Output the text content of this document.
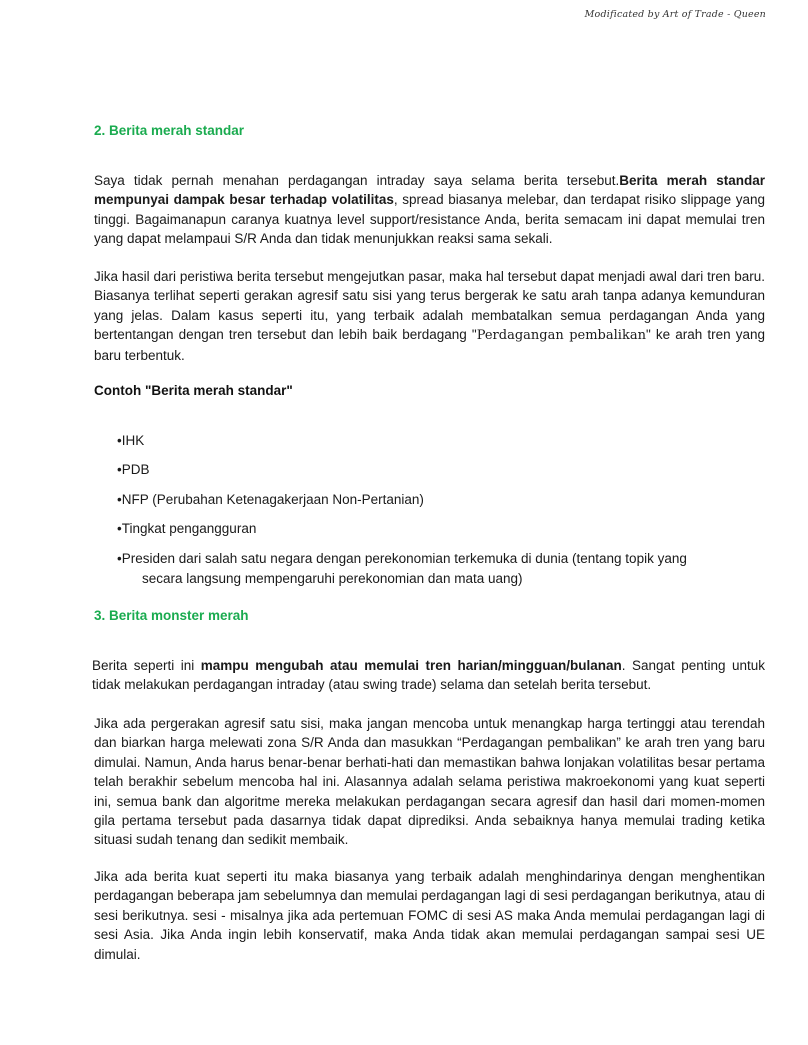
Modificated by Art of Trade - Queen
2. Berita merah standar

Saya tidak pernah menahan perdagangan intraday saya selama berita tersebut.Berita merah standar mempunyai dampak besar terhadap volatilitas, spread biasanya melebar, dan terdapat risiko slippage yang tinggi. Bagaimanapun caranya kuatnya level support/resistance Anda, berita semacam ini dapat memulai tren yang dapat melampaui S/R Anda dan tidak menunjukkan reaksi sama sekali.

Jika hasil dari peristiwa berita tersebut mengejutkan pasar, maka hal tersebut dapat menjadi awal dari tren baru. Biasanya terlihat seperti gerakan agresif satu sisi yang terus bergerak ke satu arah tanpa adanya kemunduran yang jelas. Dalam kasus seperti itu, yang terbaik adalah membatalkan semua perdagangan Anda yang bertentangan dengan tren tersebut dan lebih baik berdagang "Perdagangan pembalikan" ke arah tren yang baru terbentuk.

Contoh "Berita merah standar"
•IHK
•PDB
•NFP (Perubahan Ketenagakerjaan Non-Pertanian)
•Tingkat pengangguran
•Presiden dari salah satu negara dengan perekonomian terkemuka di dunia (tentang topik yang
secara langsung mempengaruhi perekonomian dan mata uang)
3. Berita monster merah

Berita seperti ini mampu mengubah atau memulai tren harian/mingguan/bulanan. Sangat penting untuk tidak melakukan perdagangan intraday (atau swing trade) selama dan setelah berita tersebut.

Jika ada pergerakan agresif satu sisi, maka jangan mencoba untuk menangkap harga tertinggi atau terendah dan biarkan harga melewati zona S/R Anda dan masukkan “Perdagangan pembalikan” ke arah tren yang baru dimulai. Namun, Anda harus benar-benar berhati-hati dan memastikan bahwa lonjakan volatilitas besar pertama telah berakhir sebelum mencoba hal ini. Alasannya adalah selama peristiwa makroekonomi yang kuat seperti ini, semua bank dan algoritme mereka melakukan perdagangan secara agresif dan hasil dari momen-momen gila pertama tersebut pada dasarnya tidak dapat diprediksi. Anda sebaiknya hanya memulai trading ketika situasi sudah tenang dan sedikit membaik.

Jika ada berita kuat seperti itu maka biasanya yang terbaik adalah menghindarinya dengan menghentikan perdagangan beberapa jam sebelumnya dan memulai perdagangan lagi di sesi perdagangan berikutnya, atau di sesi berikutnya. sesi - misalnya jika ada pertemuan FOMC di sesi AS maka Anda memulai perdagangan lagi di sesi Asia. Jika Anda ingin lebih konservatif, maka Anda tidak akan memulai perdagangan sampai sesi UE dimulai.
